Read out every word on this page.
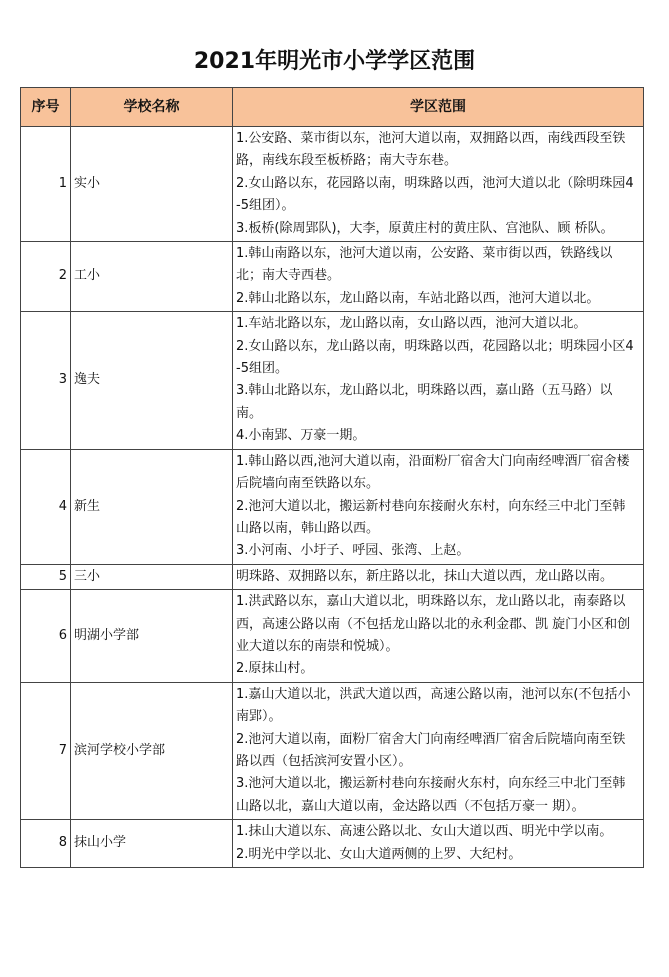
2021年明光市小学学区范围
序号	学校名称	学区范围
1	实小	1.公安路、菜市街以东，池河大道以南，双拥路以西，南线西段至铁路，南线东段至板桥路；南大寺东巷。
2.女山路以东，花园路以南，明珠路以西，池河大道以北（除明珠园4-5组团）。
3.板桥(除周郢队)，大李，原黄庄村的黄庄队、宫池队、顾 桥队。

2	工小	1.韩山南路以东，池河大道以南，公安路、菜市街以西，铁路线以北；南大寺西巷。
2.韩山北路以东，龙山路以南，车站北路以西，池河大道以北。

3	逸夫	1.车站北路以东，龙山路以南，女山路以西，池河大道以北。
2.女山路以东，龙山路以南，明珠路以西，花园路以北；明珠园小区4-5组团。
3.韩山北路以东，龙山路以北，明珠路以西，嘉山路（五马路）以南。
4.小南郢、万豪一期。

4	新生	1.韩山路以西,池河大道以南，沿面粉厂宿舍大门向南经啤酒厂宿舍楼后院墙向南至铁路以东。
2.池河大道以北，搬运新村巷向东接耐火东村，向东经三中北门至韩山路以南，韩山路以西。
3.小河南、小圩子、呼园、张湾、上赵。

5	三小	明珠路、双拥路以东，新庄路以北，抹山大道以西，龙山路以南。

6	明湖小学部	1.洪武路以东，嘉山大道以北，明珠路以东，龙山路以北，南泰路以西，高速公路以南（不包括龙山路以北的永利金郡、凯 旋门小区和创业大道以东的南崇和悦城）。
2.原抹山村。

7	滨河学校小学部	1.嘉山大道以北，洪武大道以西，高速公路以南，池河以东(不包括小南郢）。
2.池河大道以南，面粉厂宿舍大门向南经啤酒厂宿舍后院墙向南至铁路以西（包括滨河安置小区）。
3.池河大道以北，搬运新村巷向东接耐火东村，向东经三中北门至韩山路以北，嘉山大道以南，金达路以西（不包括万豪一 期）。

8	抹山小学	1.抹山大道以东、高速公路以北、女山大道以西、明光中学以南。
2.明光中学以北、女山大道两侧的上罗、大纪村。
